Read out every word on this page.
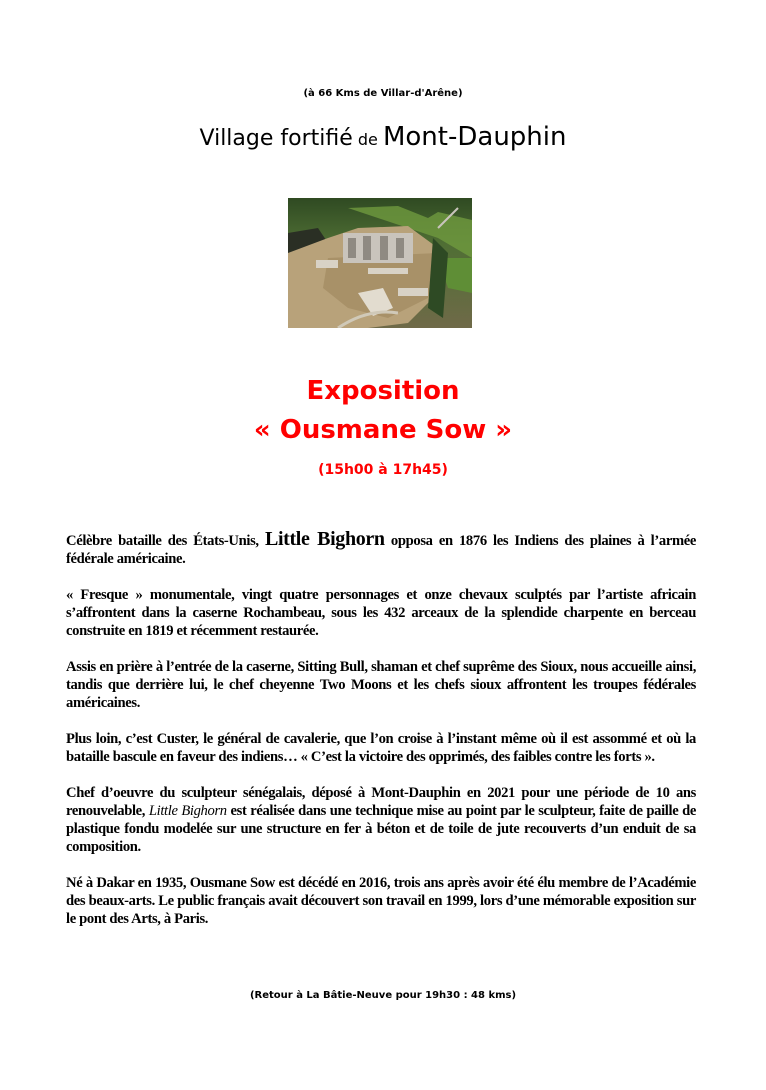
(à 66 Kms de Villar-d'Arêne)
Village fortifié de Mont-Dauphin
Exposition
« Ousmane Sow »
(15h00 à 17h45)

Célèbre bataille des États-Unis, Little Bighorn opposa en 1876 les Indiens des plaines à l’armée fédérale américaine.

« Fresque » monumentale, vingt quatre personnages et onze chevaux sculptés par l’artiste africain s’affrontent dans la caserne Rochambeau, sous les 432 arceaux de la splendide charpente en berceau construite en 1819 et récemment restaurée.

Assis en prière à l’entrée de la caserne, Sitting Bull, shaman et chef suprême des Sioux, nous accueille ainsi, tandis que derrière lui, le chef cheyenne Two Moons et les chefs sioux affrontent les troupes fédérales américaines.

Plus loin, c’est Custer, le général de cavalerie, que l’on croise à l’instant même où il est assommé et où la bataille bascule en faveur des indiens… « C’est la victoire des opprimés, des faibles contre les forts ».

Chef d’oeuvre du sculpteur sénégalais, déposé à Mont-Dauphin en 2021 pour une période de 10 ans renouvelable, Little Bighorn est réalisée dans une technique mise au point par le sculpteur, faite de paille de plastique fondu modelée sur une structure en fer à béton et de toile de jute recouverts d’un enduit de sa composition.

Né à Dakar en 1935, Ousmane Sow est décédé en 2016, trois ans après avoir été élu membre de l’Académie des beaux-arts. Le public français avait découvert son travail en 1999, lors d’une mémorable exposition sur le pont des Arts, à Paris.

(Retour à La Bâtie-Neuve pour 19h30 : 48 kms)
